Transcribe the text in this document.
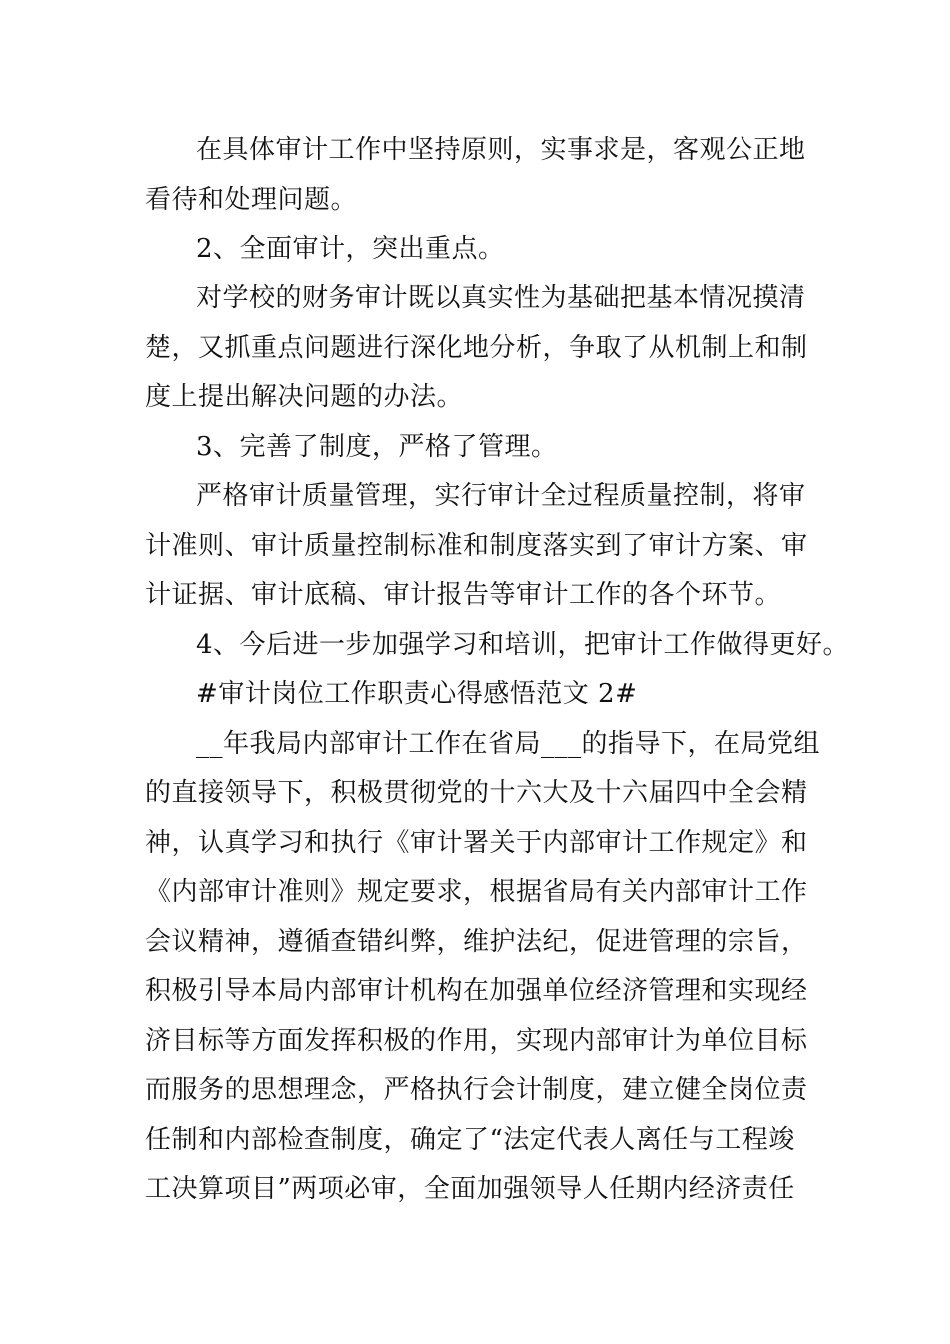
在具体审计工作中坚持原则，实事求是，客观公正地
看待和处理问题。
2、全面审计，突出重点。
对学校的财务审计既以真实性为基础把基本情况摸清
楚，又抓重点问题进行深化地分析，争取了从机制上和制
度上提出解决问题的办法。
3、完善了制度，严格了管理。
严格审计质量管理，实行审计全过程质量控制，将审
计准则、审计质量控制标准和制度落实到了审计方案、审
计证据、审计底稿、审计报告等审计工作的各个环节。
4、今后进一步加强学习和培训，把审计工作做得更好。
#审计岗位工作职责心得感悟范文 2#
__年我局内部审计工作在省局___的指导下，在局党组
的直接领导下，积极贯彻党的十六大及十六届四中全会精
神，认真学习和执行《审计署关于内部审计工作规定》和
《内部审计准则》规定要求，根据省局有关内部审计工作
会议精神，遵循查错纠弊，维护法纪，促进管理的宗旨，
积极引导本局内部审计机构在加强单位经济管理和实现经
济目标等方面发挥积极的作用，实现内部审计为单位目标
而服务的思想理念，严格执行会计制度，建立健全岗位责
任制和内部检查制度，确定了“法定代表人离任与工程竣
工决算项目”两项必审，全面加强领导人任期内经济责任
